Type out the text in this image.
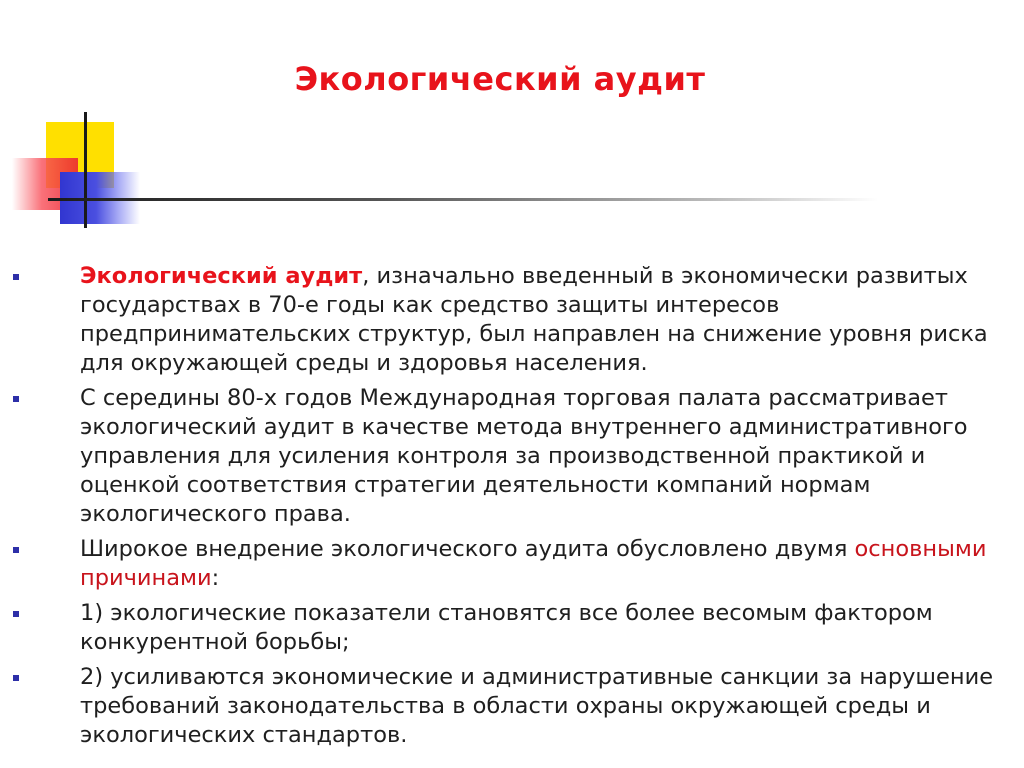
Экологический аудит
Экологический аудит, изначально введенный в экономически развитых государствах в 70-е годы как средство защиты интересов предпринимательских структур, был направлен на снижение уровня риска для окружающей среды и здоровья населения.
С середины 80-х годов Международная торговая палата рассматривает экологический аудит в качестве метода внутреннего административного управления для усиления контроля за производственной практикой и оценкой соответствия стратегии деятельности компаний нормам экологического права.
Широкое внедрение экологического аудита обусловлено двумя основными причинами:
1) экологические показатели становятся все более весомым фактором конкурентной борьбы;
2) усиливаются экономические и административные санкции за нарушение требований законодательства в области охраны окружающей среды и экологических стандартов.
